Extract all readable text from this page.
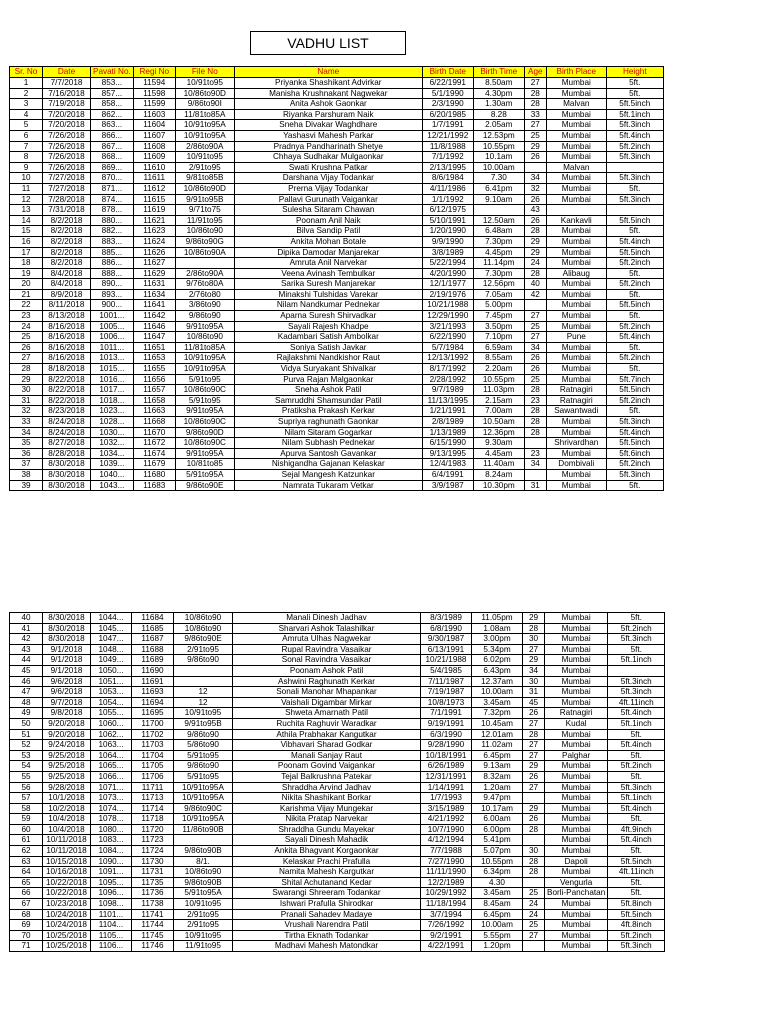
VADHU LIST
Sr. No	Date	Pavati No.	Regi No	File No	Name	Birth Date	Birth Time	Age	Birth Place	Height
1	7/7/2018	853...	11594	10/91to95	Priyanka Shashikant Advirkar	6/22/1991	8.50am	27	Mumbai	5ft.
2	7/16/2018	857...	11598	10/86to90D	Manisha Krushnakant Nagwekar	5/1/1990	4.30pm	28	Mumbai	5ft.
3	7/19/2018	858...	11599	9/86to90I	Anita Ashok Gaonkar	2/3/1990	1.30am	28	Malvan	5ft.5inch
4	7/20/2018	862...	11603	11/81to85A	Riyanka Parshuram Naik	6/20/1985	8.28	33	Mumbai	5ft.1inch
5	7/20/2018	863...	11604	10/91to95A	Sneha Divakar Waghdhare	1/7/1991	2.05am	27	Mumbai	5ft.3inch
6	7/26/2018	866...	11607	10/91to95A	Yashasvi Mahesh Parkar	12/21/1992	12.53pm	25	Mumbai	5ft.4inch
7	7/26/2018	867...	11608	2/86to90A	Pradnya Pandharinath Shetye	11/8/1988	10.55pm	29	Mumbai	5ft.2inch
8	7/26/2018	868...	11609	10/91to95	Chhaya Sudhakar Mulgaonkar	7/1/1992	10.1am	26	Mumbai	5ft.3inch
9	7/26/2018	869...	11610	2/91to95	Swati Krushna Patkar	2/13/1995	10.00am		Malvan	
10	7/27/2018	870...	11611	9/81to85B	Darshana Vijay Todankar	8/6/1984	7.30	34	Mumbai	5ft.3inch
11	7/27/2018	871...	11612	10/86to90D	Prerna Vijay Todankar	4/11/1986	6.41pm	32	Mumbai	5ft.
12	7/28/2018	874...	11615	9/91to95B	Pallavi Gurunath Vaigankar	1/1/1992	9.10am	26	Mumbai	5ft.3inch
13	7/31/2018	878...	11619	9/71to75	Sulesha Sitaram Chawan	6/12/1975		43		
14	8/2/2018	880...	11621	11/91to95	Poonam Anil Naik	5/10/1991	12.50am	26	Kankavli	5ft.5inch
15	8/2/2018	882...	11623	10/86to90	Bilva Sandip Patil	1/20/1990	6.48am	28	Mumbai	5ft.
16	8/2/2018	883...	11624	9/86to90G	Ankita Mohan Botale	9/9/1990	7.30pm	29	Mumbai	5ft.4inch
17	8/2/2018	885...	11626	10/86to90A	Dipika Damodar Manjarekar	3/8/1989	4.45pm	29	Mumbai	5ft.5inch
18	8/2/2018	886...	11627		Amruta Anil Narvekar	5/22/1994	11.14pm	24	Mumbai	5ft.2inch
19	8/4/2018	888...	11629	2/86to90A	Veena Avinash Tembulkar	4/20/1990	7.30pm	28	Alibaug	5ft.
20	8/4/2018	890...	11631	9/76to80A	Sarika Suresh Manjarekar	12/1/1977	12.56pm	40	Mumbai	5ft.2inch
21	8/9/2018	893...	11634	2/76to80	Minakshi Tulshidas Varekar	2/19/1976	7.05am	42	Mumbai	5ft.
22	8/11/2018	900...	11641	3/86to90	Nilam Nandkumar Pednekar	10/21/1988	5.00pm		Mumbai	5ft.5inch
23	8/13/2018	1001...	11642	9/86to90	Aparna Suresh Shirvadkar	12/29/1990	7.45pm	27	Mumbai	5ft.
24	8/16/2018	1005...	11646	9/91to95A	Sayali Rajesh Khadpe	3/21/1993	3.50pm	25	Mumbai	5ft.2inch
25	8/16/2018	1006...	11647	10/86to90	Kadambari Satish Ambolkar	6/22/1990	7.10pm	27	Pune	5ft.4inch
26	8/16/2018	1011...	11651	11/81to85A	Soniya Satish Javkar	5/7/1984	6.59am	34	Mumbai	5ft.
27	8/16/2018	1013...	11653	10/91to95A	Rajlakshmi Nandkishor Raut	12/13/1992	8.55am	26	Mumbai	5ft.2inch
28	8/18/2018	1015...	11655	10/91to95A	Vidya Suryakant Shivalkar	8/17/1992	2.20am	26	Mumbai	5ft.
29	8/22/2018	1016...	11656	5/91to95	Purva Rajan Malgaonkar	2/28/1992	10.55pm	25	Mumbai	5ft.7inch
30	8/22/2018	1017...	11657	10/86to90C	Sneha Ashok Patil	9/7/1989	11.03pm	28	Ratnagiri	5ft.5inch
31	8/22/2018	1018...	11658	5/91to95	Samruddhi Shamsundar Patil	11/13/1995	2.15am	23	Ratnagiri	5ft.2inch
32	8/23/2018	1023...	11663	9/91to95A	Pratiksha Prakash Kerkar	1/21/1991	7.00am	28	Sawantwadi	5ft.
33	8/24/2018	1028...	11668	10/86to90C	Supriya raghunath Gaonkar	2/8/1989	10.50am	28	Mumbai	5ft.3inch
34	8/24/2018	1030...	11670	9/86to90D	Nilam Sitaram Gogarkar	1/13/1989	12.36pm	28	Mumbai	5ft.4inch
35	8/27/2018	1032...	11672	10/86to90C	Nilam Subhash Pednekar	6/15/1990	9.30am		Shrivardhan	5ft.5inch
36	8/28/2018	1034...	11674	9/91to95A	Apurva Santosh Gavankar	9/13/1995	4.45am	23	Mumbai	5ft.6inch
37	8/30/2018	1039...	11679	10/81to85	Nishigandha Gajanan Kelaskar	12/4/1983	11.40am	34	Dombivali	5ft.2inch
38	8/30/2018	1040...	11680	5/91to95A	Sejal Mangesh Katzunkar	6/4/1991	8.24am		Mumbai	5ft.3inch
39	8/30/2018	1043...	11683	9/86to90E	Namrata Tukaram Vetkar	3/9/1987	10.30pm	31	Mumbai	5ft.
40	8/30/2018	1044...	11684	10/86to90	Manali Dinesh Jadhav	8/3/1989	11.05pm	29	Mumbai	5ft.
41	8/30/2018	1045...	11685	10/86to90	Sharvari Ashok Talashilkar	6/8/1990	1.08am	28	Mumbai	5ft.2inch
42	8/30/2018	1047...	11687	9/86to90E	Amruta Ulhas Nagwekar	9/30/1987	3.00pm	30	Mumbai	5ft.3inch
43	9/1/2018	1048...	11688	2/91to95	Rupal Ravindra Vasaikar	6/13/1991	5.34pm	27	Mumbai	5ft.
44	9/1/2018	1049...	11689	9/86to90	Sonal Ravindra Vasaikar	10/21/1988	6.02pm	29	Mumbai	5ft.1inch
45	9/1/2018	1050...	11690		Poonam Ashok Patil	5/4/1985	6.43pm	34	Mumbai	
46	9/6/2018	1051...	11691		Ashwini Raghunath Kerkar	7/11/1987	12.37am	30	Mumbai	5ft.3inch
47	9/6/2018	1053...	11693	12	Sonali Manohar Mhapankar	7/19/1987	10.00am	31	Mumbai	5ft.3inch
48	9/7/2018	1054...	11694	12	Vaishali Digambar Mirkar	10/8/1973	3.45am	45	Mumbai	4ft.11inch
49	9/8/2018	1055...	11695	10/91to95	Shweta Amarnath Patil	7/1/1991	7.32pm	26	Ratnagiri	5ft.4inch
50	9/20/2018	1060...	11700	9/91to95B	Ruchita Raghuvir Waradkar	9/19/1991	10.45am	27	Kudal	5ft.1inch
51	9/20/2018	1062...	11702	9/86to90	Athila Prabhakar Kangutkar	6/3/1990	12.01am	28	Mumbai	5ft.
52	9/24/2018	1063...	11703	5/86to90	Vibhavari Sharad Godkar	9/28/1990	11.02am	27	Mumbai	5ft.4inch
53	9/25/2018	1064...	11704	5/91to95	Manali Sanjay Raut	10/18/1991	6.45pm	27	Palghar	5ft.
54	9/25/2018	1065...	11705	9/86to90	Poonam Govind Vaigankar	6/26/1989	9.13am	29	Mumbai	5ft.2inch
55	9/25/2018	1066...	11706	5/91to95	Tejal Balkrushna Patekar	12/31/1991	8.32am	26	Mumbai	5ft.
56	9/28/2018	1071...	11711	10/91to95A	Shraddha Arvind Jadhav	1/14/1991	1.20am	27	Mumbai	5ft.3inch
57	10/1/2018	1073...	11713	10/91to95A	Nikita Shashikant Borkar	1/7/1993	9.47pm		Mumbai	5ft.1inch
58	10/2/2018	1074...	11714	9/86to90C	Karishma Vijay Mungekar	3/15/1989	10.17am	29	Mumbai	5ft.4inch
59	10/4/2018	1078...	11718	10/91to95A	Nikita Pratap Narvekar	4/21/1992	6.00am	26	Mumbai	5ft.
60	10/4/2018	1080...	11720	11/86to90B	Shraddha Gundu Mayekar	10/7/1990	6.00pm	28	Mumbai	4ft.9inch
61	10/11/2018	1083...	11723		Sayali Dinesh Mahadik	4/12/1994	5.41pm		Mumbai	5ft.4inch
62	10/11/2018	1084...	11724	9/86to90B	Ankita Bhagvant Korgaonkar	7/7/1988	5.07pm	30	Mumbai	5ft.
63	10/15/2018	1090...	11730	8/1.	Kelaskar Prachi Prafulla	7/27/1990	10.55pm	28	Dapoli	5ft.5inch
64	10/16/2018	1091...	11731	10/86to90	Namita Mahesh Kargutkar	11/11/1990	6.34pm	28	Mumbai	4ft.11inch
65	10/22/2018	1095...	11735	9/86to90B	Shital Achutanand Kedar	12/2/1989	4.30		Vengurla	5ft.
66	10/22/2018	1096...	11736	5/91to95A	Swarangi Shreeram Todankar	10/29/1992	3.45am	25	Borli-Panchatan	5ft.
67	10/23/2018	1098...	11738	10/91to95	Ishwari Prafulla Shirodkar	11/18/1994	8.45am	24	Mumbai	5ft.8inch
68	10/24/2018	1101...	11741	2/91to95	Pranali Sahadev Madaye	3/7/1994	6.45pm	24	Mumbai	5ft.5inch
69	10/24/2018	1104...	11744	2/91to95	Vrushali Narendra Patil	7/26/1992	10.00am	25	Mumbai	4ft.8inch
70	10/25/2018	1105...	11745	10/91to95	Tirtha Eknath Todankar	9/2/1991	5.55pm	27	Mumbai	5ft.2inch
71	10/25/2018	1106...	11746	11/91to95	Madhavi Mahesh Matondkar	4/22/1991	1.20pm		Mumbai	5ft.3inch
